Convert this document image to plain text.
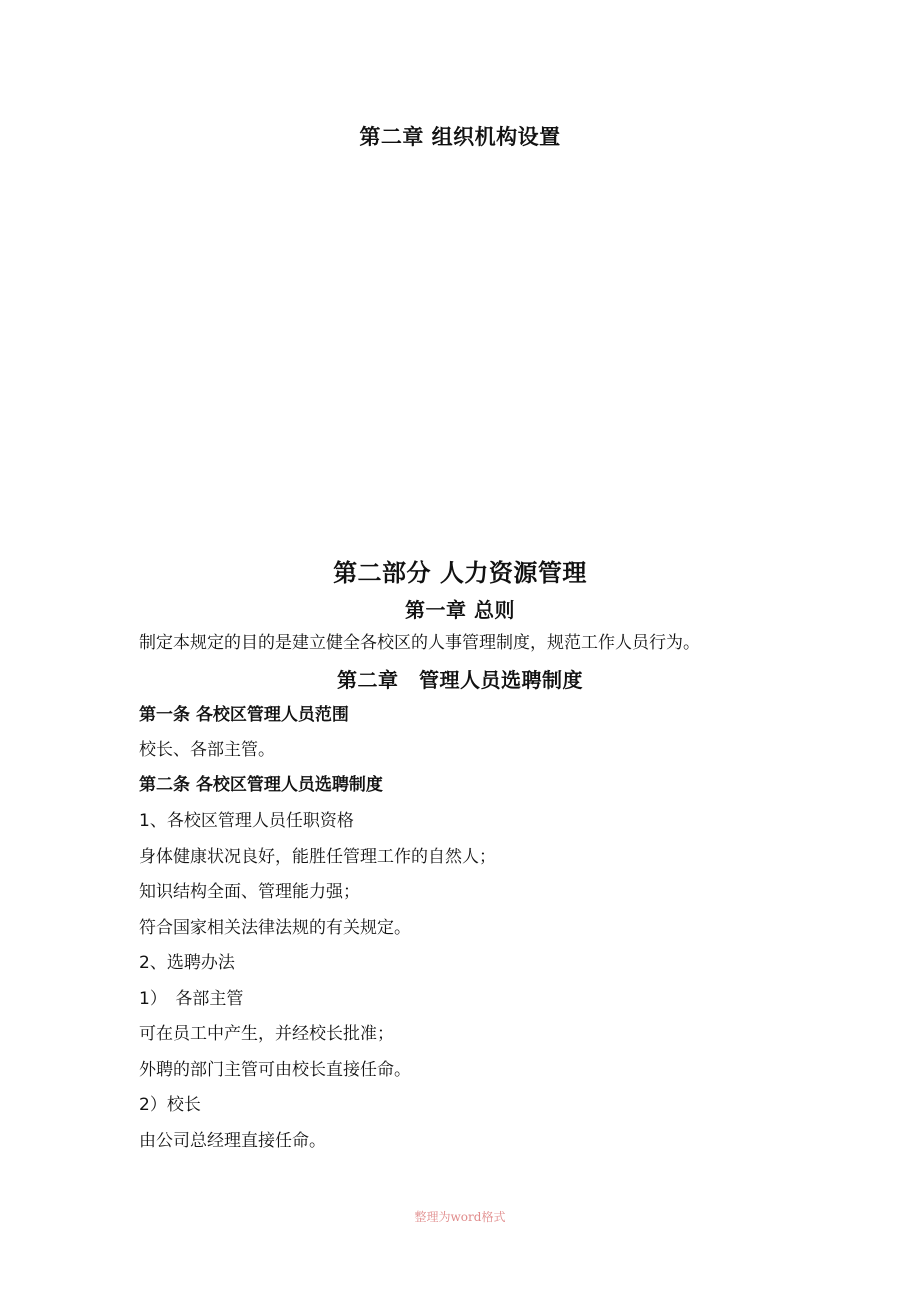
第二章 组织机构设置
第二部分 人力资源管理
第一章 总则
制定本规定的目的是建立健全各校区的人事管理制度，规范工作人员行为。
第二章　管理人员选聘制度
第一条 各校区管理人员范围
校长、各部主管。
第二条 各校区管理人员选聘制度
1、各校区管理人员任职资格
身体健康状况良好，能胜任管理工作的自然人；
知识结构全面、管理能力强；
符合国家相关法律法规的有关规定。
2、选聘办法
1）　各部主管
可在员工中产生，并经校长批准；
外聘的部门主管可由校长直接任命。
2）校长
由公司总经理直接任命。
整理为word格式
